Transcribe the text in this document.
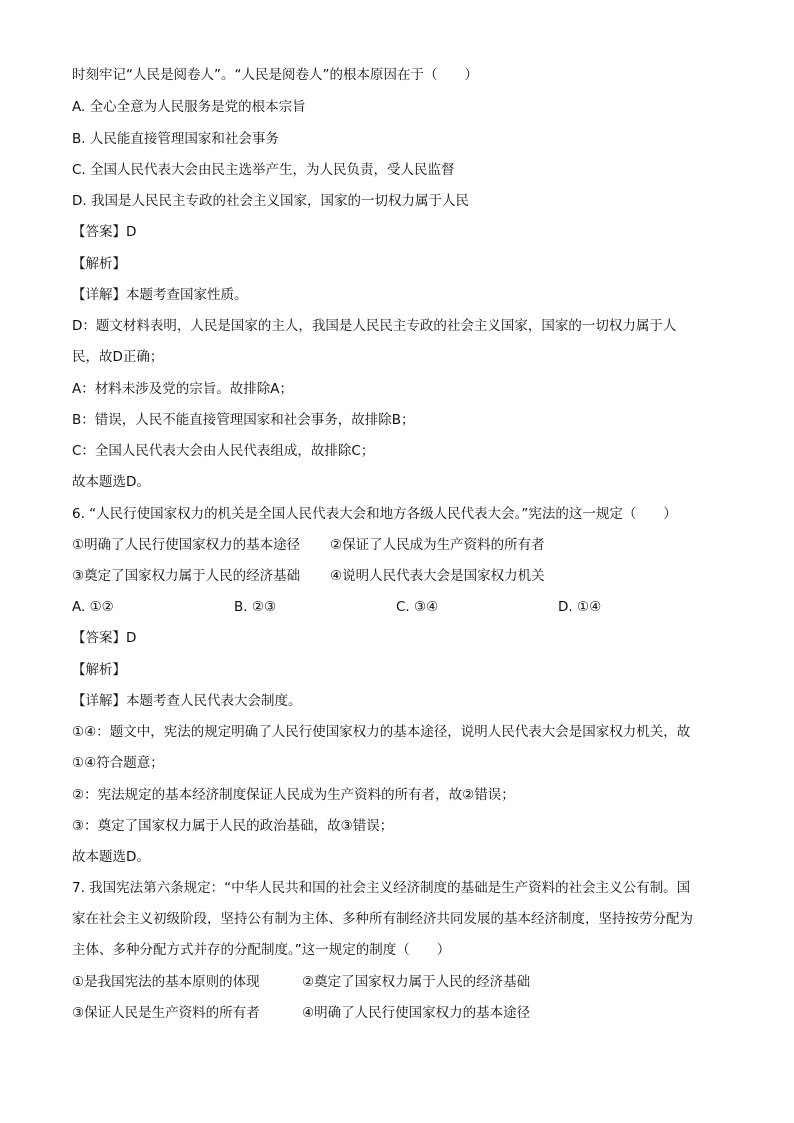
时刻牢记“人民是阅卷人”。“人民是阅卷人”的根本原因在于（　　）
A. 全心全意为人民服务是党的根本宗旨
B. 人民能直接管理国家和社会事务
C. 全国人民代表大会由民主选举产生，为人民负责，受人民监督
D. 我国是人民民主专政的社会主义国家，国家的一切权力属于人民
【答案】D
【解析】
【详解】本题考查国家性质。
D：题文材料表明，人民是国家的主人，我国是人民民主专政的社会主义国家，国家的一切权力属于人
民，故D正确；
A：材料未涉及党的宗旨。故排除A；
B：错误，人民不能直接管理国家和社会事务，故排除B；
C：全国人民代表大会由人民代表组成，故排除C；
故本题选D。
6. “人民行使国家权力的机关是全国人民代表大会和地方各级人民代表大会。”宪法的这一规定（　　）
①明确了人民行使国家权力的基本途径	②保证了人民成为生产资料的所有者
③奠定了国家权力属于人民的经济基础	④说明人民代表大会是国家权力机关
A. ①②	B. ②③	C. ③④	D. ①④
【答案】D
【解析】
【详解】本题考查人民代表大会制度。
①④：题文中，宪法的规定明确了人民行使国家权力的基本途径，说明人民代表大会是国家权力机关，故
①④符合题意；
②：宪法规定的基本经济制度保证人民成为生产资料的所有者，故②错误；
③：奠定了国家权力属于人民的政治基础，故③错误；
故本题选D。
7. 我国宪法第六条规定：“中华人民共和国的社会主义经济制度的基础是生产资料的社会主义公有制。国
家在社会主义初级阶段，坚持公有制为主体、多种所有制经济共同发展的基本经济制度，坚持按劳分配为
主体、多种分配方式并存的分配制度。”这一规定的制度（　　）
①是我国宪法的基本原则的体现	②奠定了国家权力属于人民的经济基础
③保证人民是生产资料的所有者	④明确了人民行使国家权力的基本途径
